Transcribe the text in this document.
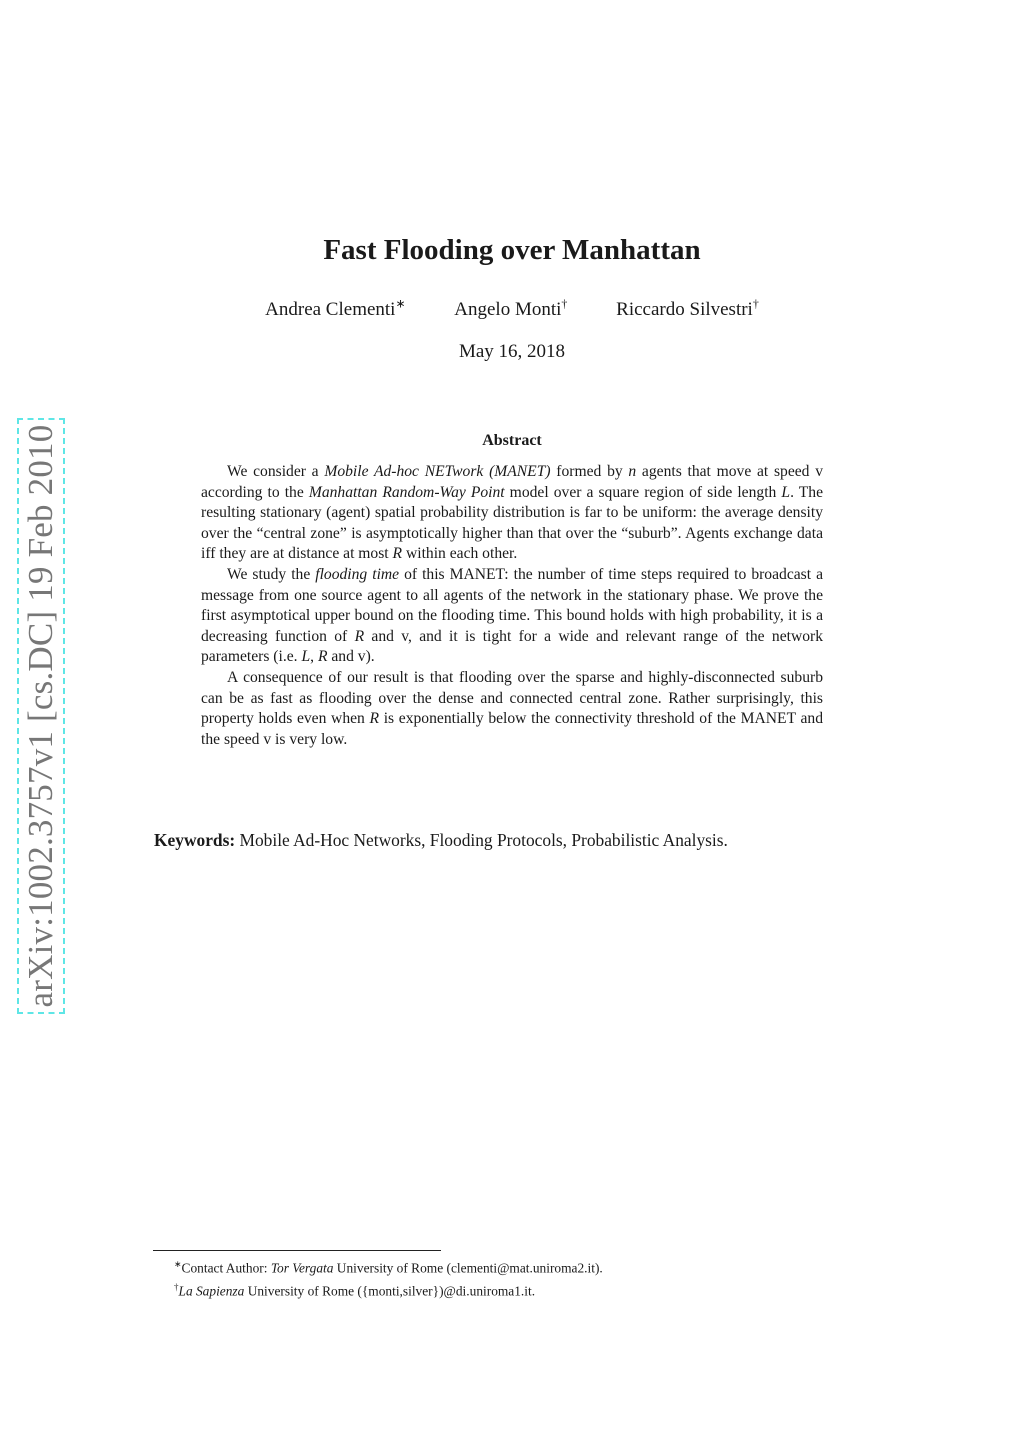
arXiv:1002.3757v1 [cs.DC] 19 Feb 2010
Fast Flooding over Manhattan
Andrea Clementi∗	Angelo Monti†	Riccardo Silvestri†
May 16, 2018
Abstract

We consider a Mobile Ad-hoc NETwork (MANET) formed by n agents that move at speed v according to the Manhattan Random-Way Point model over a square region of side length L. The resulting stationary (agent) spatial probability distribution is far to be uniform: the average density over the “central zone” is asymptotically higher than that over the “suburb”. Agents exchange data iff they are at distance at most R within each other.

We study the flooding time of this MANET: the number of time steps required to broadcast a message from one source agent to all agents of the network in the stationary phase. We prove the first asymptotical upper bound on the flooding time. This bound holds with high probability, it is a decreasing function of R and v, and it is tight for a wide and relevant range of the network parameters (i.e. L, R and v).

A consequence of our result is that flooding over the sparse and highly-disconnected suburb can be as fast as flooding over the dense and connected central zone. Rather surprisingly, this property holds even when R is exponentially below the connectivity threshold of the MANET and the speed v is very low.

Keywords: Mobile Ad-Hoc Networks, Flooding Protocols, Probabilistic Analysis.
∗Contact Author: Tor Vergata University of Rome (clementi@mat.uniroma2.it).
†La Sapienza University of Rome ({monti,silver})@di.uniroma1.it.
